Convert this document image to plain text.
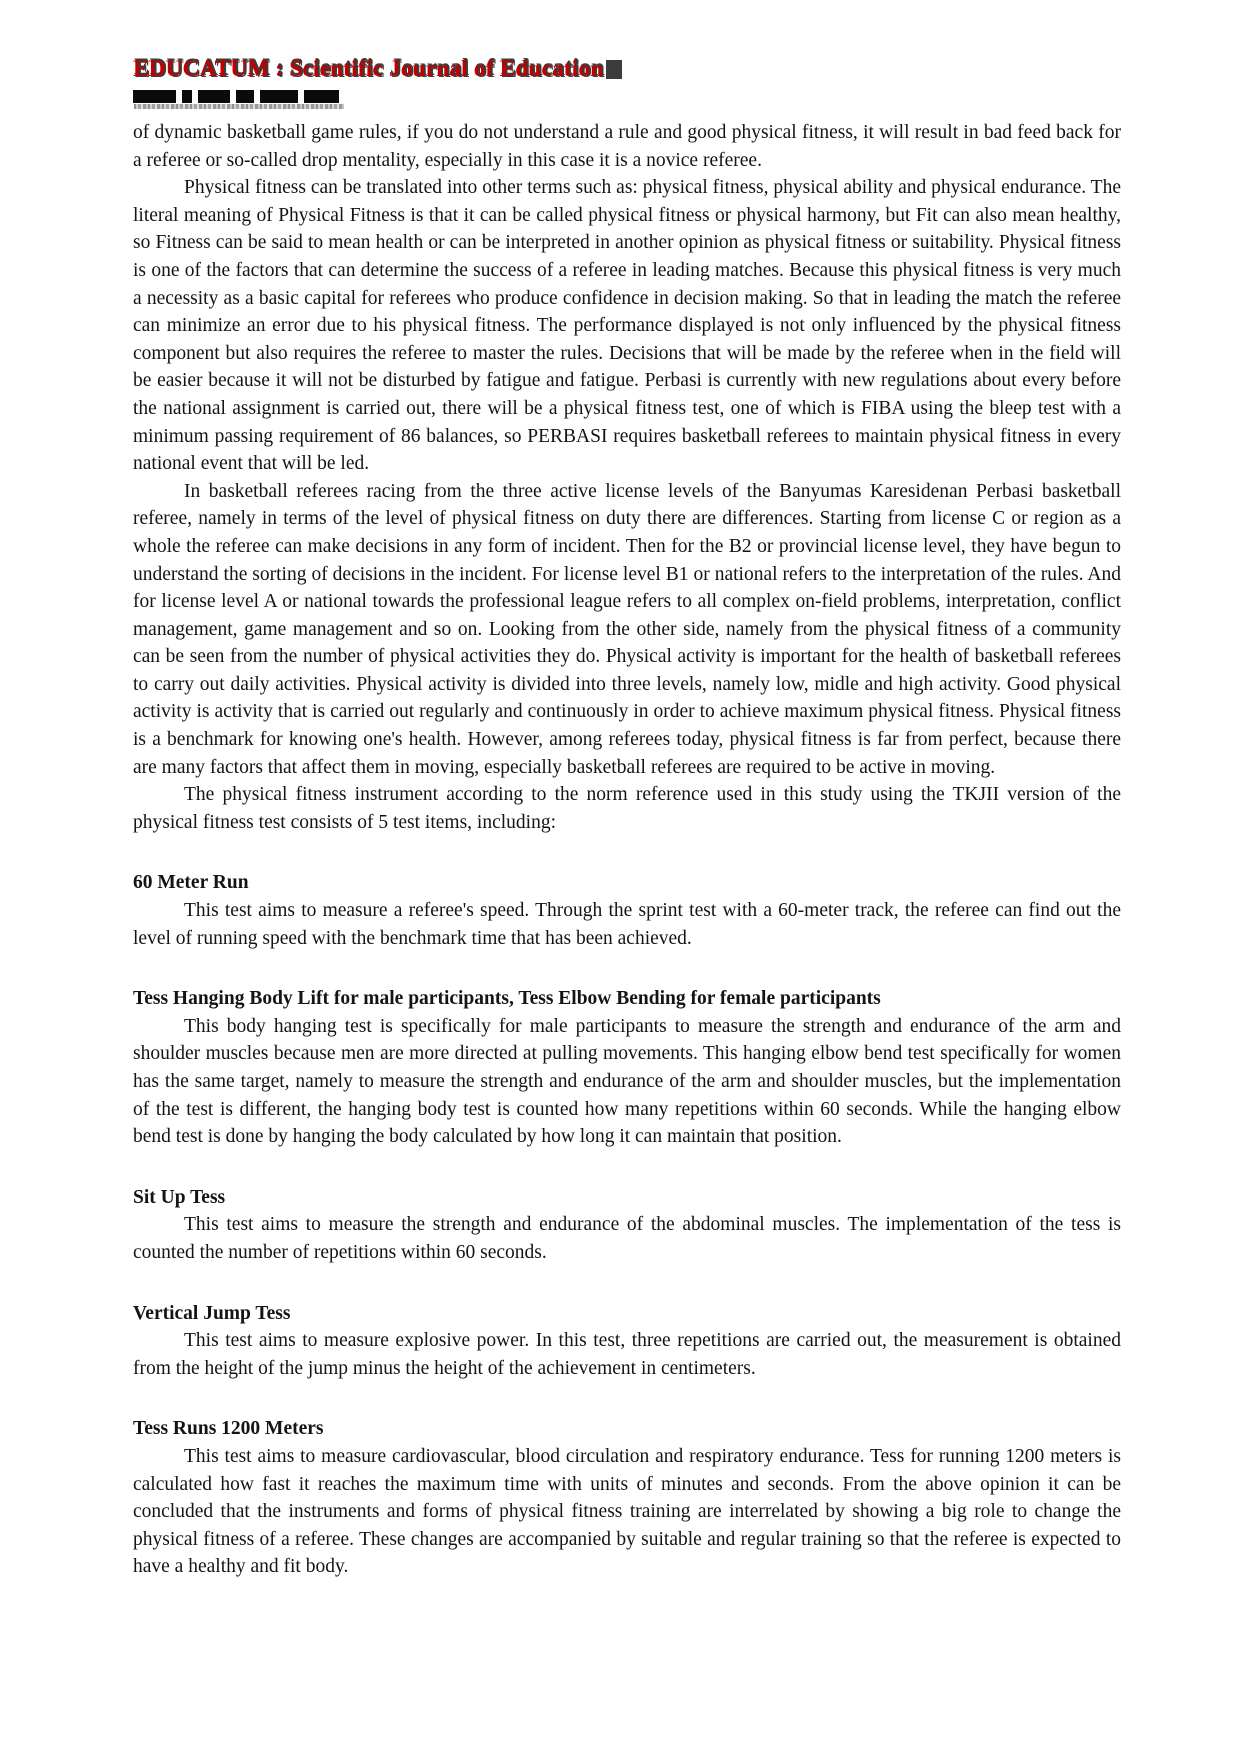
EDUCATUM : Scientific Journal of Education

of dynamic basketball game rules, if you do not understand a rule and good physical fitness, it will result in bad feed back for a referee or so-called drop mentality, especially in this case it is a novice referee.

Physical fitness can be translated into other terms such as: physical fitness, physical ability and physical endurance. The literal meaning of Physical Fitness is that it can be called physical fitness or physical harmony, but Fit can also mean healthy, so Fitness can be said to mean health or can be interpreted in another opinion as physical fitness or suitability. Physical fitness is one of the factors that can determine the success of a referee in leading matches. Because this physical fitness is very much a necessity as a basic capital for referees who produce confidence in decision making. So that in leading the match the referee can minimize an error due to his physical fitness. The performance displayed is not only influenced by the physical fitness component but also requires the referee to master the rules. Decisions that will be made by the referee when in the field will be easier because it will not be disturbed by fatigue and fatigue. Perbasi is currently with new regulations about every before the national assignment is carried out, there will be a physical fitness test, one of which is FIBA using the bleep test with a minimum passing requirement of 86 balances, so PERBASI requires basketball referees to maintain physical fitness in every national event that will be led.

In basketball referees racing from the three active license levels of the Banyumas Karesidenan Perbasi basketball referee, namely in terms of the level of physical fitness on duty there are differences. Starting from license C or region as a whole the referee can make decisions in any form of incident. Then for the B2 or provincial license level, they have begun to understand the sorting of decisions in the incident. For license level B1 or national refers to the interpretation of the rules. And for license level A or national towards the professional league refers to all complex on-field problems, interpretation, conflict management, game management and so on. Looking from the other side, namely from the physical fitness of a community can be seen from the number of physical activities they do. Physical activity is important for the health of basketball referees to carry out daily activities. Physical activity is divided into three levels, namely low, midle and high activity. Good physical activity is activity that is carried out regularly and continuously in order to achieve maximum physical fitness. Physical fitness is a benchmark for knowing one's health. However, among referees today, physical fitness is far from perfect, because there are many factors that affect them in moving, especially basketball referees are required to be active in moving.

The physical fitness instrument according to the norm reference used in this study using the TKJII version of the physical fitness test consists of 5 test items, including:

60 Meter Run

This test aims to measure a referee's speed. Through the sprint test with a 60-meter track, the referee can find out the level of running speed with the benchmark time that has been achieved.

Tess Hanging Body Lift for male participants, Tess Elbow Bending for female participants

This body hanging test is specifically for male participants to measure the strength and endurance of the arm and shoulder muscles because men are more directed at pulling movements. This hanging elbow bend test specifically for women has the same target, namely to measure the strength and endurance of the arm and shoulder muscles, but the implementation of the test is different, the hanging body test is counted how many repetitions within 60 seconds. While the hanging elbow bend test is done by hanging the body calculated by how long it can maintain that position.

Sit Up Tess

This test aims to measure the strength and endurance of the abdominal muscles. The implementation of the tess is counted the number of repetitions within 60 seconds.

Vertical Jump Tess

This test aims to measure explosive power. In this test, three repetitions are carried out, the measurement is obtained from the height of the jump minus the height of the achievement in centimeters.

Tess Runs 1200 Meters

This test aims to measure cardiovascular, blood circulation and respiratory endurance. Tess for running 1200 meters is calculated how fast it reaches the maximum time with units of minutes and seconds. From the above opinion it can be concluded that the instruments and forms of physical fitness training are interrelated by showing a big role to change the physical fitness of a referee. These changes are accompanied by suitable and regular training so that the referee is expected to have a healthy and fit body.
